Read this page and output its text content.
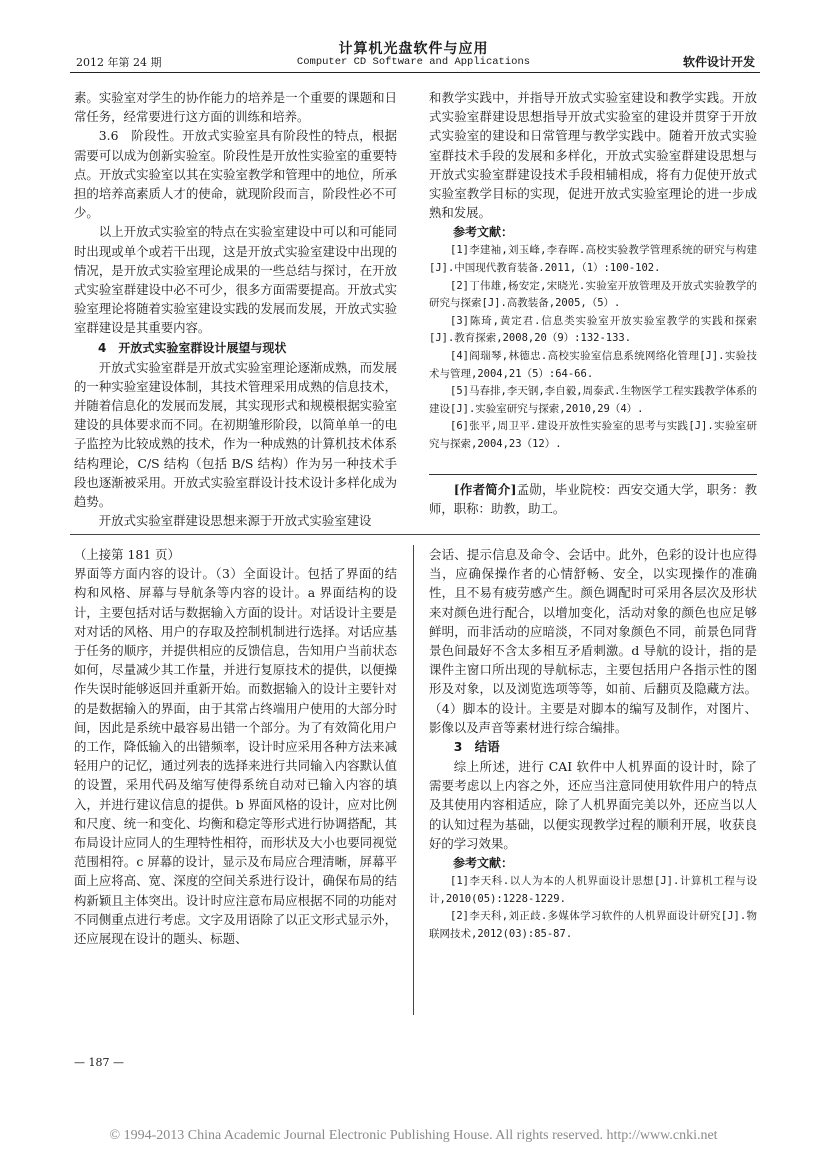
2012 年第 24 期
计算机光盘软件与应用
Computer CD Software and Applications	软件设计开发

素。实验室对学生的协作能力的培养是一个重要的课题和日常任务，经常要进行这方面的训练和培养。

3.6　阶段性。开放式实验室具有阶段性的特点，根据需要可以成为创新实验室。阶段性是开放性实验室的重要特点。开放式实验室以其在实验室教学和管理中的地位，所承担的培养高素质人才的使命，就现阶段而言，阶段性必不可少。

以上开放式实验室的特点在实验室建设中可以和可能同时出现或单个或若干出现，这是开放式实验室建设中出现的情况，是开放式实验室理论成果的一些总结与探讨，在开放式实验室群建设中必不可少，很多方面需要提高。开放式实验室理论将随着实验室建设实践的发展而发展，开放式实验室群建设是其重要内容。

4　开放式实验室群设计展望与现状

开放式实验室群是开放式实验室理论逐渐成熟，而发展的一种实验室建设体制，其技术管理采用成熟的信息技术，并随着信息化的发展而发展，其实现形式和规模根据实验室建设的具体要求而不同。在初期雏形阶段，以简单单一的电子监控为比较成熟的技术，作为一种成熟的计算机技术体系结构理论，C/S 结构（包括 B/S 结构）作为另一种技术手段也逐渐被采用。开放式实验室群设计技术设计多样化成为趋势。

开放式实验室群建设思想来源于开放式实验室建设

和教学实践中，并指导开放式实验室建设和教学实践。开放式实验室群建设思想指导开放式实验室的建设并贯穿于开放式实验室的建设和日常管理与教学实践中。随着开放式实验室群技术手段的发展和多样化，开放式实验室群建设思想与开放式实验室群建设技术手段相辅相成，将有力促使开放式实验室教学目标的实现，促进开放式实验室理论的进一步成熟和发展。

参考文献：

[1]李建袖,刘玉峰,李春晖.高校实验教学管理系统的研究与构建[J].中国现代教育装备.2011,（1）:100-102.

[2]丁伟雄,杨安定,宋晓光.实验室开放管理及开放式实验教学的研究与探索[J].高教装备,2005,（5）.

[3]陈琦,黄定君.信息类实验室开放实验室教学的实践和探索[J].教育探索,2008,20（9）:132-133.

[4]阎瑞琴,林德忠.高校实验室信息系统网络化管理[J].实验技术与管理,2004,21（5）:64-66.

[5]马春排,李天钢,李自毅,周泰武.生物医学工程实践教学体系的建设[J].实验室研究与探索,2010,29（4）.

[6]张平,周卫平.建设开放性实验室的思考与实践[J].实验室研究与探索,2004,23（12）.

[作者简介]孟勋，毕业院校：西安交通大学，职务：教师，职称：助教，助工。

（上接第 181 页）

界面等方面内容的设计。（3）全面设计。包括了界面的结构和风格、屏幕与导航条等内容的设计。a 界面结构的设计，主要包括对话与数据输入方面的设计。对话设计主要是对对话的风格、用户的存取及控制机制进行选择。对话应基于任务的顺序，并提供相应的反馈信息，告知用户当前状态如何，尽量减少其工作量，并进行复原技术的提供，以便操作失误时能够返回并重新开始。而数据输入的设计主要针对的是数据输入的界面，由于其常占终端用户使用的大部分时间，因此是系统中最容易出错一个部分。为了有效简化用户的工作，降低输入的出错频率，设计时应采用各种方法来减轻用户的记忆，通过列表的选择来进行共同输入内容默认值的设置，采用代码及缩写使得系统自动对已输入内容的填入，并进行建议信息的提供。b 界面风格的设计，应对比例和尺度、统一和变化、均衡和稳定等形式进行协调搭配，其布局设计应同人的生理特性相符，而形状及大小也要同视觉范围相符。c 屏幕的设计，显示及布局应合理清晰，屏幕平面上应将高、宽、深度的空间关系进行设计，确保布局的结构新颖且主体突出。设计时应注意布局应根据不同的功能对不同侧重点进行考虑。文字及用语除了以正文形式显示外，还应展现在设计的题头、标题、

会话、提示信息及命令、会话中。此外，色彩的设计也应得当，应确保操作者的心情舒畅、安全，以实现操作的准确性，且不易有疲劳感产生。颜色调配时可采用各层次及形状来对颜色进行配合，以增加变化，活动对象的颜色也应足够鲜明，而非活动的应暗淡，不同对象颜色不同，前景色同背景色间最好不含太多相互矛盾刺激。d 导航的设计，指的是课件主窗口所出现的导航标志，主要包括用户各指示性的图形及对象，以及浏览选项等等，如前、后翻页及隐藏方法。（4）脚本的设计。主要是对脚本的编写及制作，对图片、影像以及声音等素材进行综合编排。

3　结语

综上所述，进行 CAI 软件中人机界面的设计时，除了需要考虑以上内容之外，还应当注意同使用软件用户的特点及其使用内容相适应，除了人机界面完美以外，还应当以人的认知过程为基础，以便实现教学过程的顺利开展，收获良好的学习效果。

参考文献：

[1]李天科.以人为本的人机界面设计思想[J].计算机工程与设计,2010(05):1228-1229.

[2]李天科,刘正歧.多媒体学习软件的人机界面设计研究[J].物联网技术,2012(03):85-87.

— 187 —
© 1994-2013 China Academic Journal Electronic Publishing House. All rights reserved. http://www.cnki.net
